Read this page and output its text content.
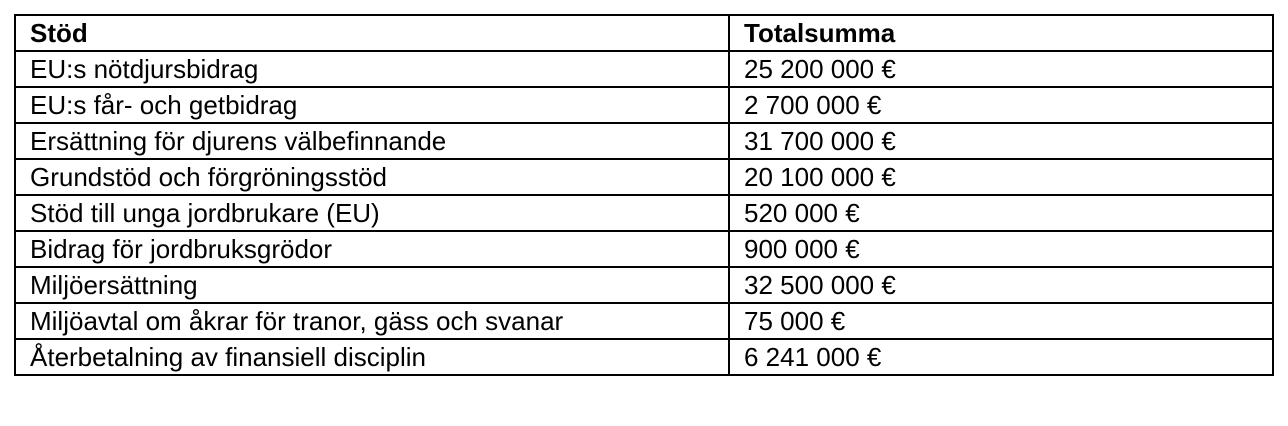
Stöd	Totalsumma
EU:s nötdjursbidrag	25 200 000 €
EU:s får- och getbidrag	2 700 000 €
Ersättning för djurens välbefinnande	31 700 000 €
Grundstöd och förgröningsstöd	20 100 000 €
Stöd till unga jordbrukare (EU)	520 000 €
Bidrag för jordbruksgrödor	900 000 €
Miljöersättning	32 500 000 €
Miljöavtal om åkrar för tranor, gäss och svanar	75 000 €
Återbetalning av finansiell disciplin	6 241 000 €
